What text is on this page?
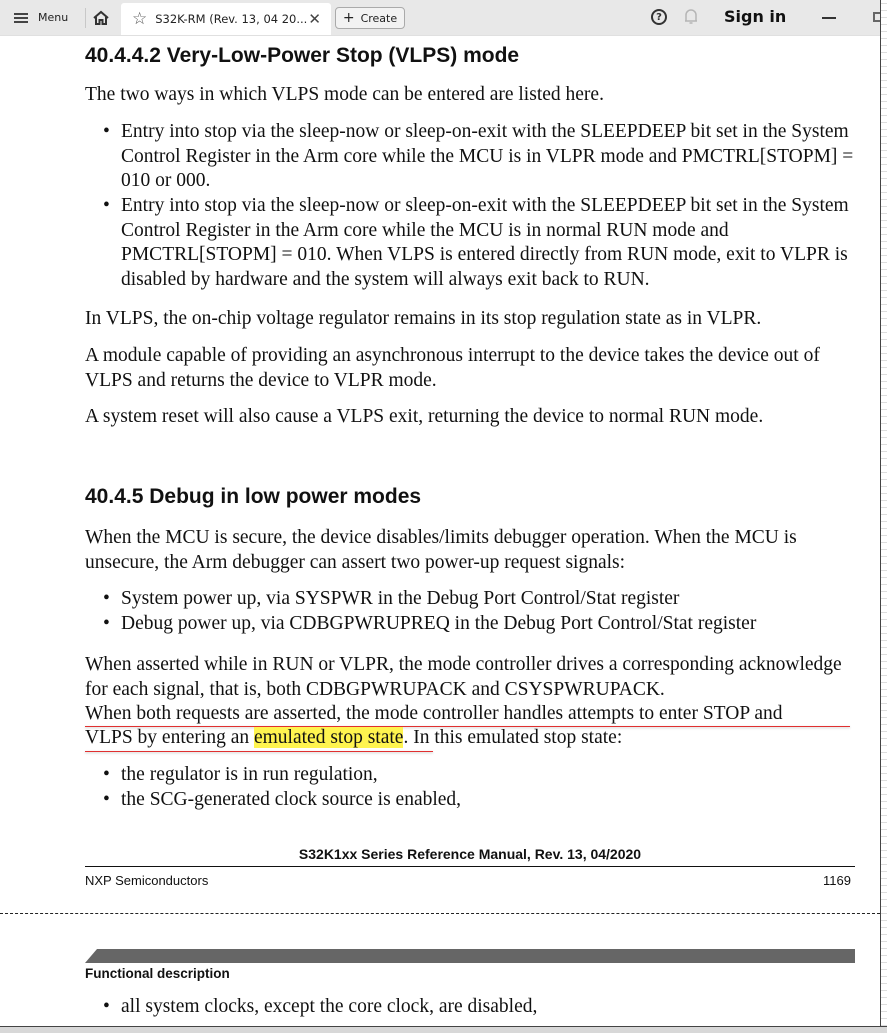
Menu	☆ S32K-RM (Rev. 13, 04 20... ✕ + Create	?	Sign in
40.4.4.2 Very-Low-Power Stop (VLPS) mode
The two ways in which VLPS mode can be entered are listed here.
• Entry into stop via the sleep-now or sleep-on-exit with the SLEEPDEEP bit set in the System Control Register in the Arm core while the MCU is in VLPR mode and PMCTRL[STOPM] = 010 or 000.
• Entry into stop via the sleep-now or sleep-on-exit with the SLEEPDEEP bit set in the System Control Register in the Arm core while the MCU is in normal RUN mode and PMCTRL[STOPM] = 010. When VLPS is entered directly from RUN mode, exit to VLPR is disabled by hardware and the system will always exit back to RUN.
In VLPS, the on-chip voltage regulator remains in its stop regulation state as in VLPR.
A module capable of providing an asynchronous interrupt to the device takes the device out of VLPS and returns the device to VLPR mode.
A system reset will also cause a VLPS exit, returning the device to normal RUN mode.
40.4.5 Debug in low power modes
When the MCU is secure, the device disables/limits debugger operation. When the MCU is unsecure, the Arm debugger can assert two power-up request signals:
• System power up, via SYSPWR in the Debug Port Control/Stat register
• Debug power up, via CDBGPWRUPREQ in the Debug Port Control/Stat register
When asserted while in RUN or VLPR, the mode controller drives a corresponding acknowledge for each signal, that is, both CDBGPWRUPACK and CSYSPWRUPACK.
When both requests are asserted, the mode controller handles attempts to enter STOP and
VLPS by entering an emulated stop state. In this emulated stop state:
• the regulator is in run regulation,
• the SCG-generated clock source is enabled,
S32K1xx Series Reference Manual, Rev. 13, 04/2020
NXP Semiconductors	1169
Functional description
• all system clocks, except the core clock, are disabled,
